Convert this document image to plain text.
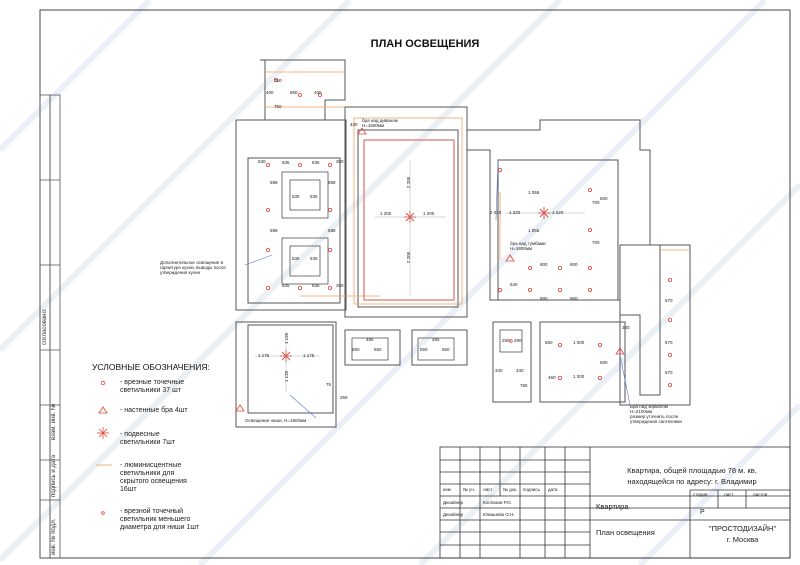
ПЛАН ОСВЕЩЕНИЯ
УСЛОВНЫЕ ОБОЗНАЧЕНИЯ:
- врезные точечные
светильники 37 шт
- настенные бра 4шт
- подвесные
светильники 7шт
- люминисцентные
светильники для
скрытого освещения
16шт
- врезной точечный
светильник меньшего
диаметра для ниши 1шт
согласовано:
взам. инв. №
подпись и дата
инв. № подл.
Квартира, общей площадью 78 м. кв,
находящейся по адресу: г. Владимир
изм	№ уч. лист № док. подпись дата
Дизайнер	Колпаков Р.О.
Дизайнер	Юмашева О.Н.
Квартира
стадия	лист	листов
Р
План освещения	"ПРОСТОДИЗАЙН"
г. Москва
бра над диваном
Н=1600мм
Дополнительное освещение в
гарнитуре кухни, выводы после
утверждения кухни
бра над тумбами
Н=1600мм
Освещение ниши, Н=1800мм
Бра над зеркалом
Н=2100мм
размер уточнить после
утверждения сантехники
1 200	1 200
2 200
2 200
1 220	1 220
1 175	1 175
1 135
1 135
1 000
1 000
835	835
835	835
860	400
400
750
750
535 535
535 535
698
698
698
698
550	550	550	550
485	485
900	900
900	900
700
700
670
670
670
660
600
600
640
1 055
1 055
2 010
290 290
340	340
460
765
530	200
200
380
430
75
250
